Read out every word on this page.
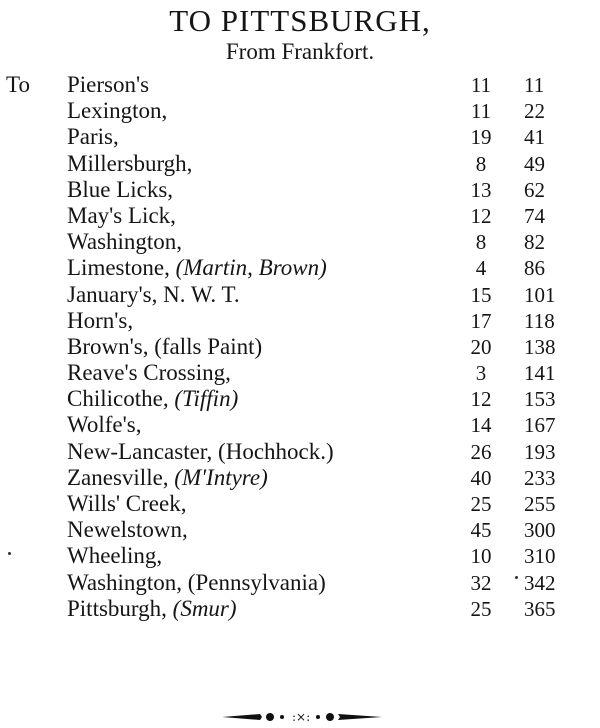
TO PITTSBURGH,
From Frankfort.
To Pierson's	11	11
Lexington,	11	22
Paris,	19	41
Millersburgh,	8	49
Blue Licks,	13	62
May's Lick,	12	74
Washington,	8	82
Limestone, (Martin, Brown)	4	86
January's, N. W. T.	15	101
Horn's,	17	118
Brown's, (falls Paint)	20	138
Reave's Crossing,	3	141
Chilicothe, (Tiffin)	12	153
Wolfe's,	14	167
New-Lancaster, (Hochhock.)	26	193
Zanesville, (M'Intyre)	40	233
Wills' Creek,	25	255
Newelstown,	45	300
Wheeling,	10	310
Washington, (Pennsylvania)	32	342
Pittsburgh, (Smur)	25	365
:×:
